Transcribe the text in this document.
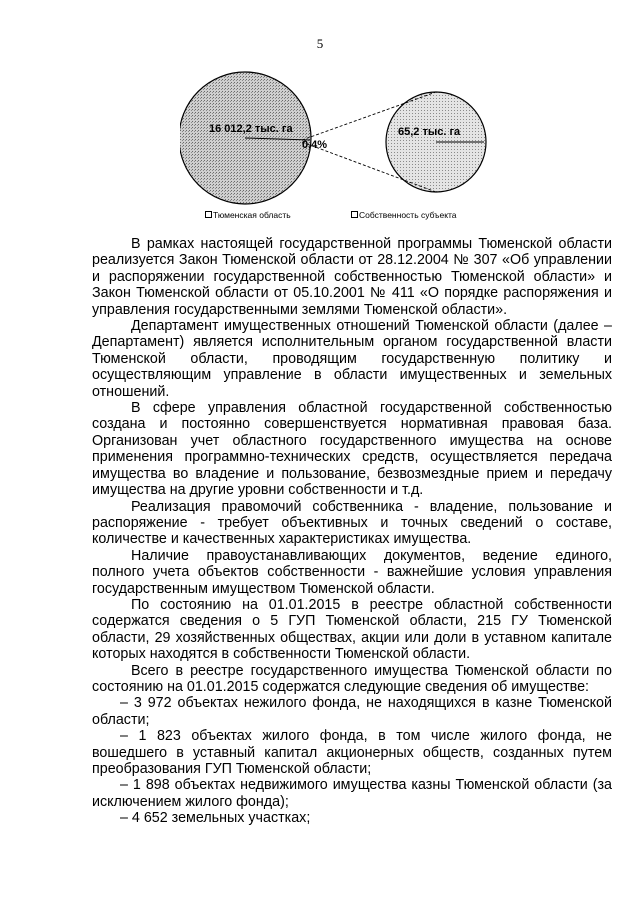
5
16 012,2 тыс. га	65,2 тыс. га
0,4%
Тюменская область	Собственность субъекта

В рамках настоящей государственной программы Тюменской области реализуется Закон Тюменской области от 28.12.2004 № 307 «Об управлении и распоряжении государственной собственностью Тюменской области» и Закон Тюменской области от 05.10.2001 № 411 «О порядке распоряжения и управления государственными землями Тюменской области».

Департамент имущественных отношений Тюменской области (далее – Департамент) является исполнительным органом государственной власти Тюменской области, проводящим государственную политику и осуществляющим управление в области имущественных и земельных отношений.

В сфере управления областной государственной собственностью создана и постоянно совершенствуется нормативная правовая база. Организован учет областного государственного имущества на основе применения программно-технических средств, осуществляется передача имущества во владение и пользование, безвозмездные прием и передачу имущества на другие уровни собственности и т.д.

Реализация правомочий собственника - владение, пользование и распоряжение - требует объективных и точных сведений о составе, количестве и качественных характеристиках имущества.

Наличие правоустанавливающих документов, ведение единого, полного учета объектов собственности - важнейшие условия управления государственным имуществом Тюменской области.

По состоянию на 01.01.2015 в реестре областной собственности содержатся сведения о 5 ГУП Тюменской области, 215 ГУ Тюменской области, 29 хозяйственных обществах, акции или доли в уставном капитале которых находятся в собственности Тюменской области.

Всего в реестре государственного имущества Тюменской области по состоянию на 01.01.2015 содержатся следующие сведения об имуществе:

– 3 972 объектах нежилого фонда, не находящихся в казне Тюменской области;

– 1 823 объектах жилого фонда, в том числе жилого фонда, не вошедшего в уставный капитал акционерных обществ, созданных путем преобразования ГУП Тюменской области;

– 1 898 объектах недвижимого имущества казны Тюменской области (за исключением жилого фонда);

– 4 652 земельных участках;
